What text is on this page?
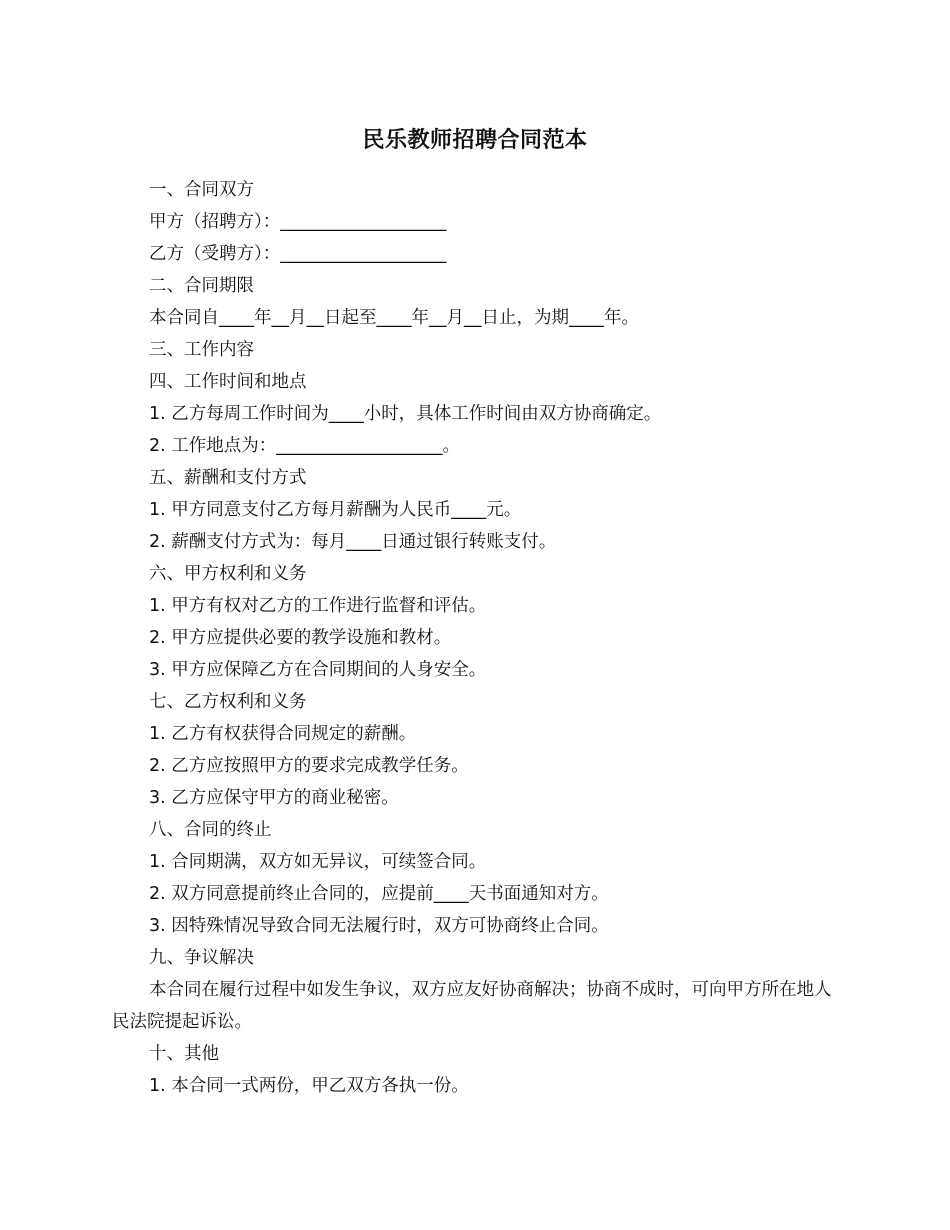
民乐教师招聘合同范本

一、合同双方

甲方（招聘方）：___________________

乙方（受聘方）：___________________

二、合同期限

本合同自____年__月__日起至____年__月__日止，为期____年。

三、工作内容

四、工作时间和地点

1. 乙方每周工作时间为____小时，具体工作时间由双方协商确定。

2. 工作地点为：___________________。

五、薪酬和支付方式

1. 甲方同意支付乙方每月薪酬为人民币____元。

2. 薪酬支付方式为：每月____日通过银行转账支付。

六、甲方权利和义务

1. 甲方有权对乙方的工作进行监督和评估。

2. 甲方应提供必要的教学设施和教材。

3. 甲方应保障乙方在合同期间的人身安全。

七、乙方权利和义务

1. 乙方有权获得合同规定的薪酬。

2. 乙方应按照甲方的要求完成教学任务。

3. 乙方应保守甲方的商业秘密。

八、合同的终止

1. 合同期满，双方如无异议，可续签合同。

2. 双方同意提前终止合同的，应提前____天书面通知对方。

3. 因特殊情况导致合同无法履行时，双方可协商终止合同。

九、争议解决

本合同在履行过程中如发生争议，双方应友好协商解决；协商不成时，可向甲方所在地人民法院提起诉讼。

十、其他

1. 本合同一式两份，甲乙双方各执一份。
